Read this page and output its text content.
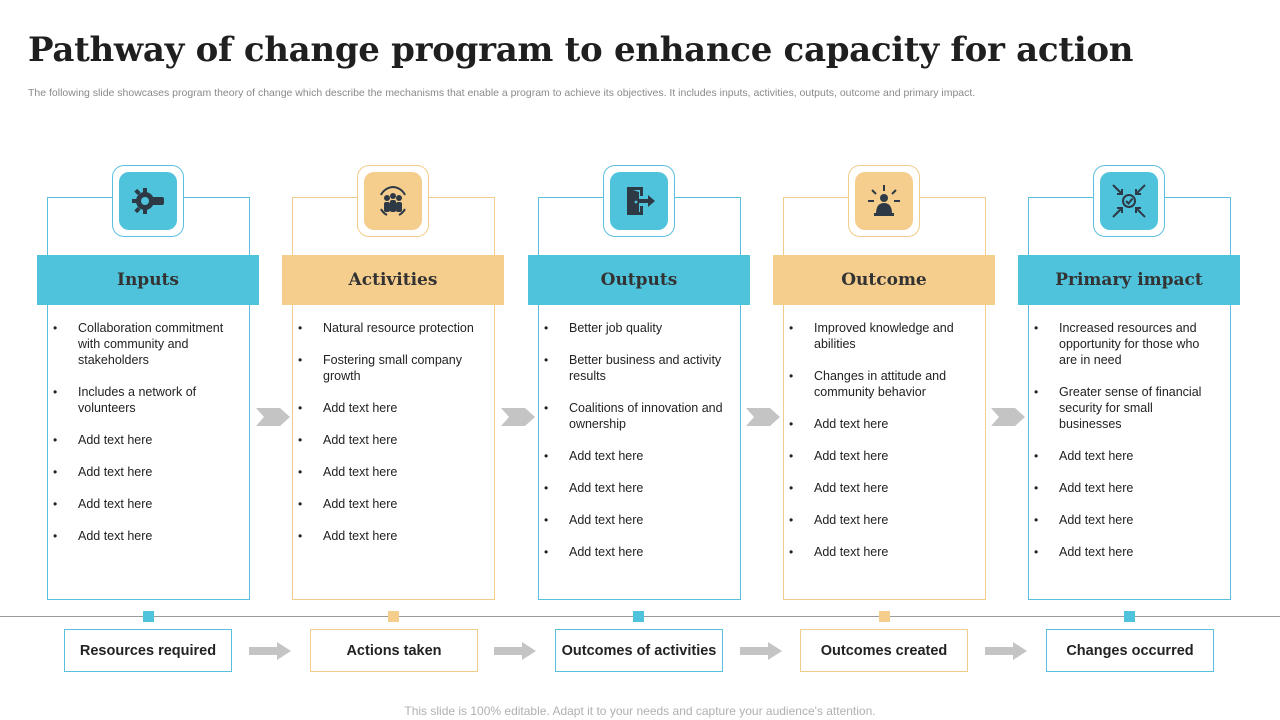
Pathway of change program to enhance capacity for action
The following slide showcases program theory of change which describe the mechanisms that enable a program to achieve its objectives. It includes inputs, activities, outputs, outcome and primary impact.
Inputs
• Collaboration commitment with community and stakeholders
• Includes a network of volunteers
• Add text here
• Add text here
• Add text here
• Add text here
Activities
• Natural resource protection
• Fostering small company growth
• Add text here
• Add text here
• Add text here
• Add text here
• Add text here
Outputs
• Better job quality
• Better business and activity results
• Coalitions of innovation and ownership
• Add text here
• Add text here
• Add text here
• Add text here
Outcome
• Improved knowledge and abilities
• Changes in attitude and community behavior
• Add text here
• Add text here
• Add text here
• Add text here
• Add text here
Primary impact
• Increased resources and opportunity for those who are in need
• Greater sense of financial security for small businesses
• Add text here
• Add text here
• Add text here
• Add text here
Resources required	Actions taken	Outcomes of activities	Outcomes created	Changes occurred
This slide is 100% editable. Adapt it to your needs and capture your audience's attention.
